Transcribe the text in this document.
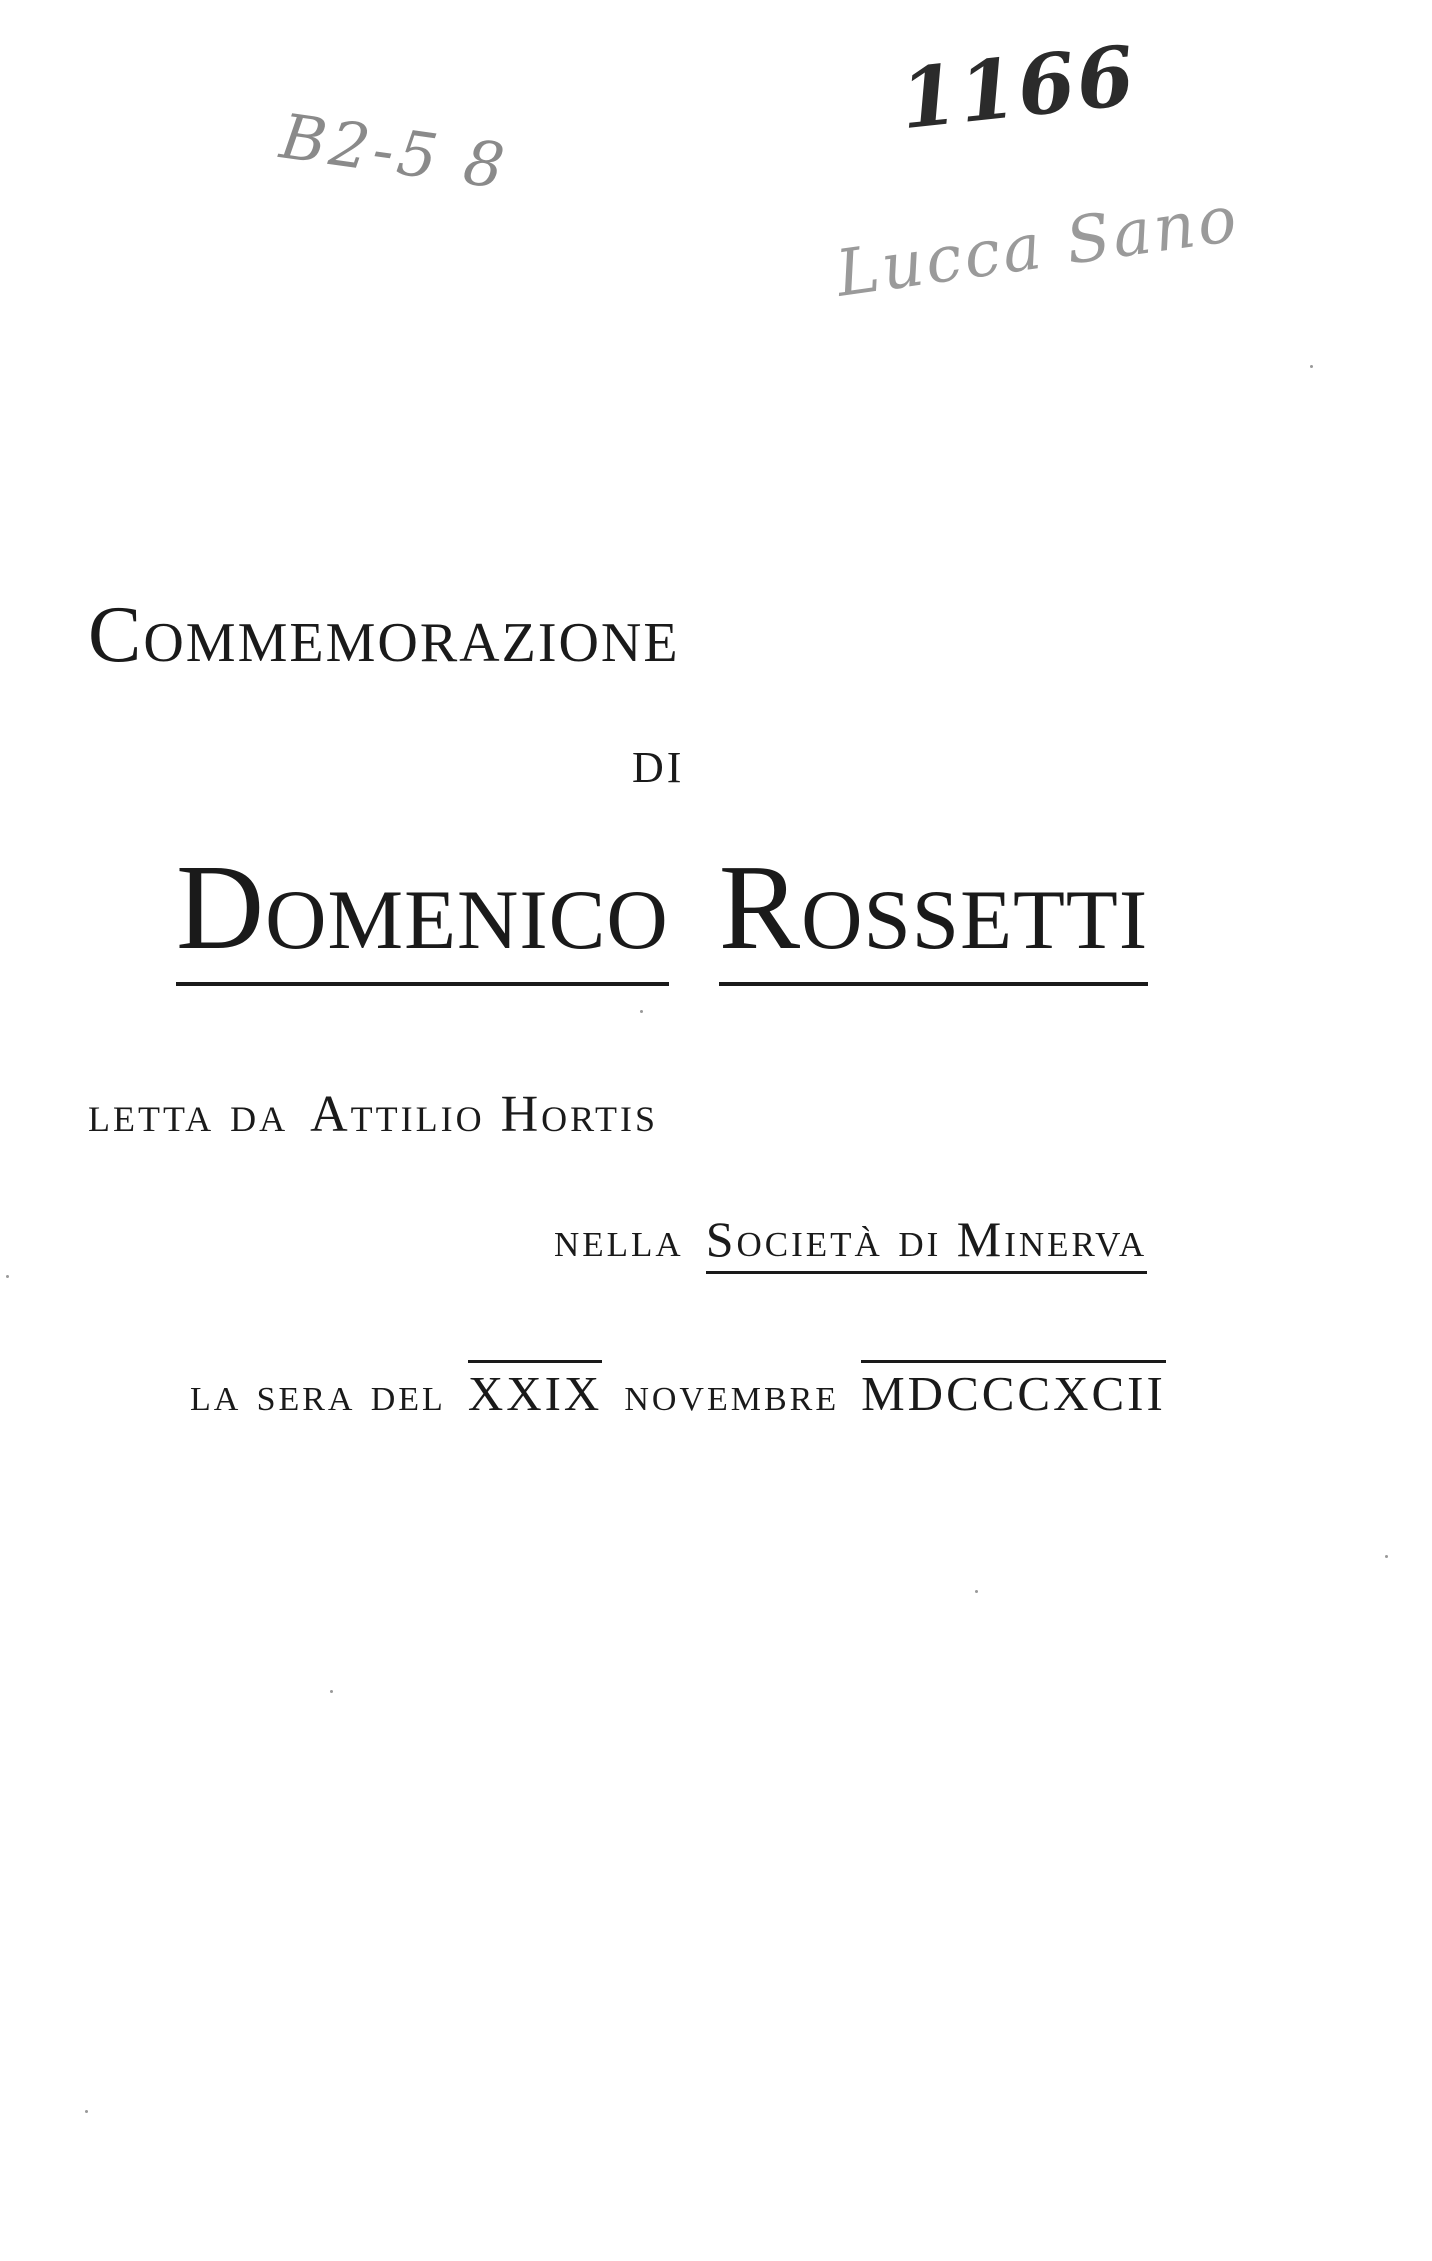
B2-5 8
1166
Lucca Sano
Commemorazione
DI
Domenico Rossetti
letta da Attilio Hortis
nella Società di Minerva
la sera del XXIX novembre MDCCCXCII
